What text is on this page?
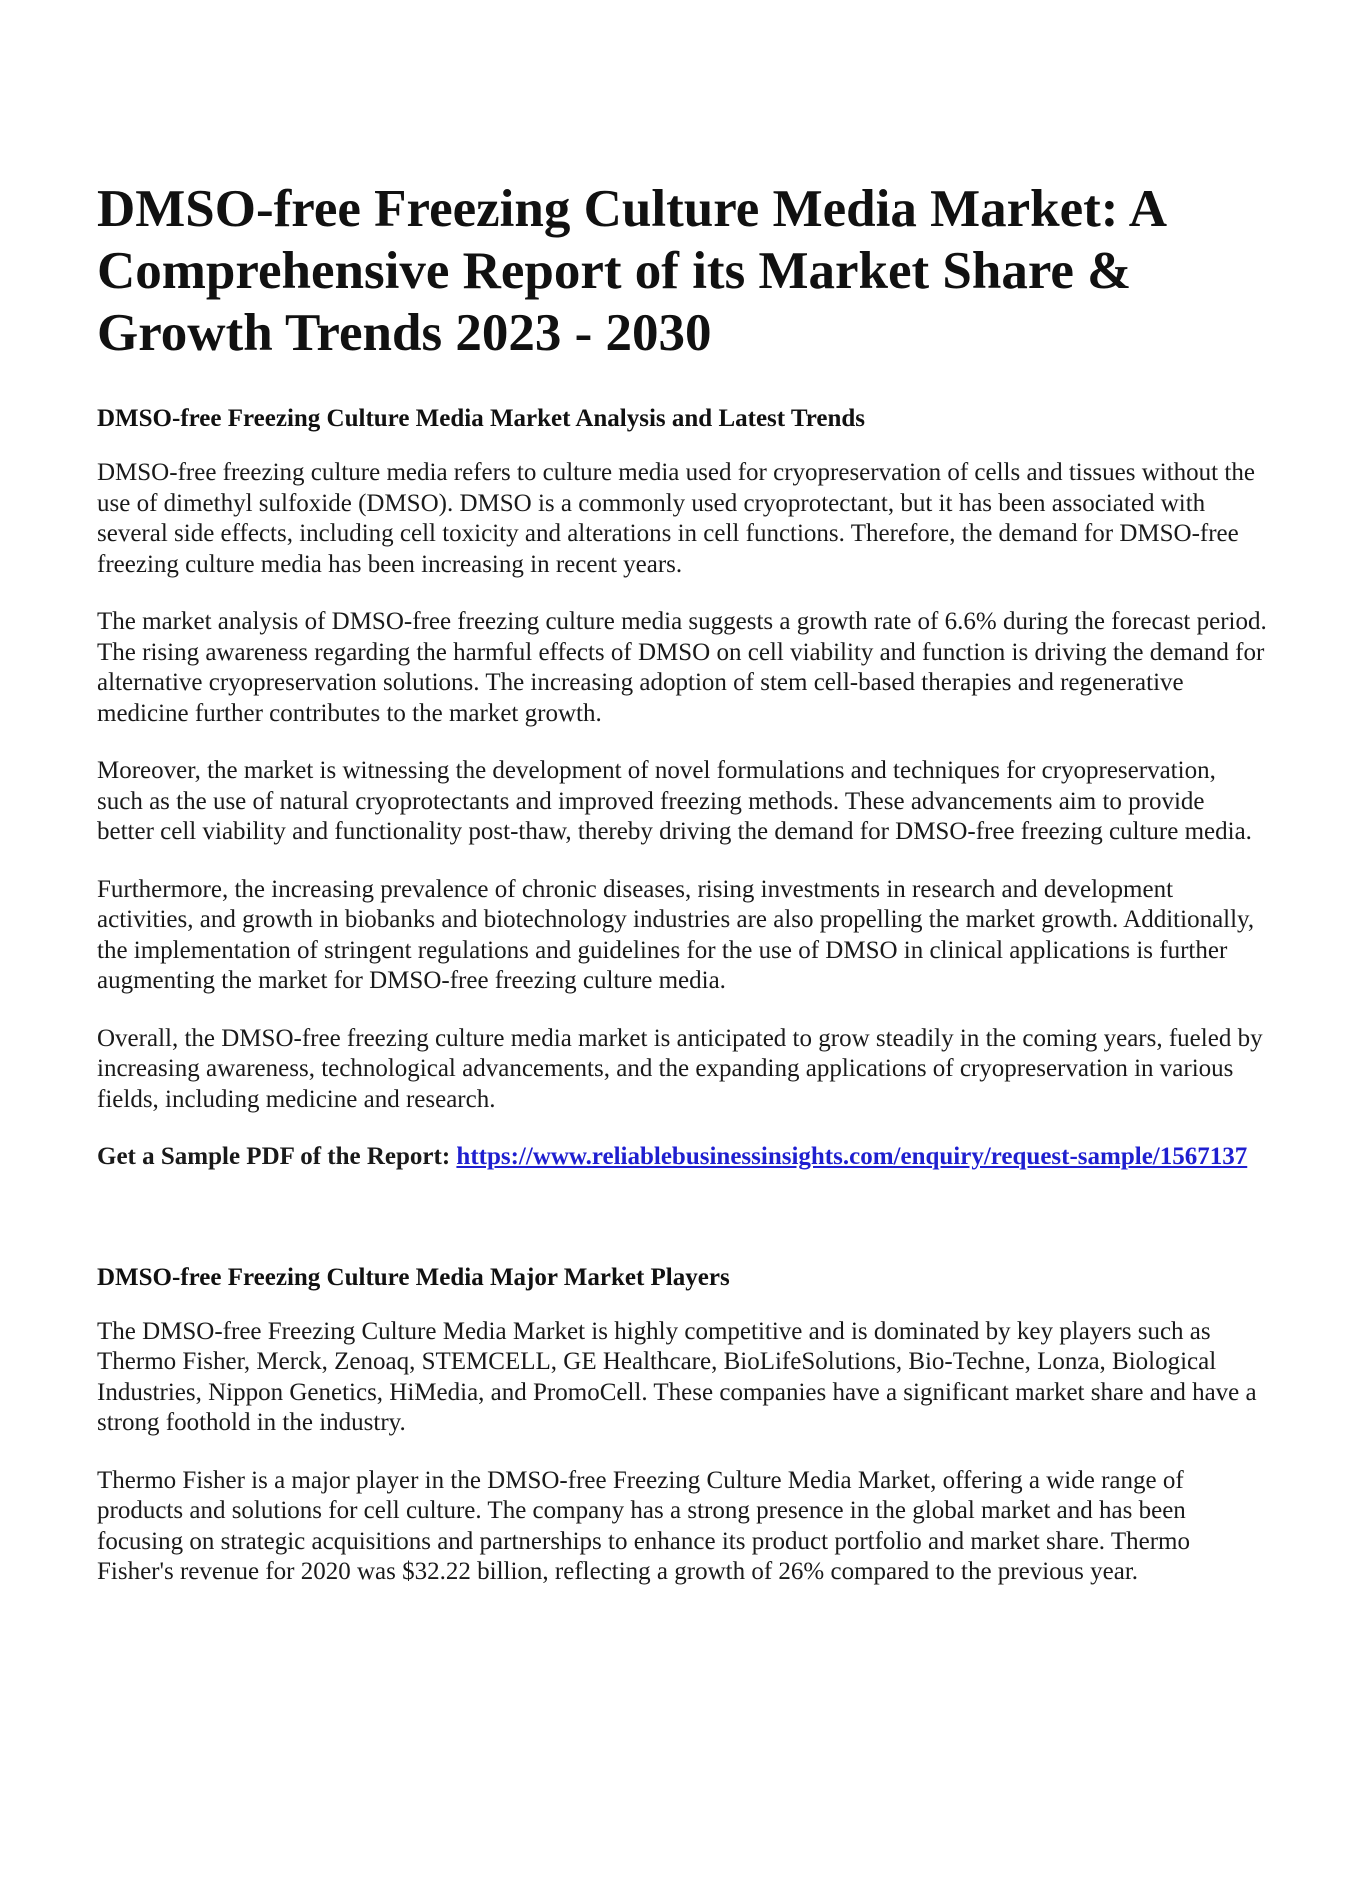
DMSO-free Freezing Culture Media Market: A Comprehensive Report of its Market Share & Growth Trends 2023 - 2030
DMSO-free Freezing Culture Media Market Analysis and Latest Trends

DMSO-free freezing culture media refers to culture media used for cryopreservation of cells and tissues without the use of dimethyl sulfoxide (DMSO). DMSO is a commonly used cryoprotectant, but it has been associated with several side effects, including cell toxicity and alterations in cell functions. Therefore, the demand for DMSO-free freezing culture media has been increasing in recent years.

The market analysis of DMSO-free freezing culture media suggests a growth rate of 6.6% during the forecast period. The rising awareness regarding the harmful effects of DMSO on cell viability and function is driving the demand for alternative cryopreservation solutions. The increasing adoption of stem cell-based therapies and regenerative medicine further contributes to the market growth.

Moreover, the market is witnessing the development of novel formulations and techniques for cryopreservation, such as the use of natural cryoprotectants and improved freezing methods. These advancements aim to provide better cell viability and functionality post-thaw, thereby driving the demand for DMSO-free freezing culture media.

Furthermore, the increasing prevalence of chronic diseases, rising investments in research and development activities, and growth in biobanks and biotechnology industries are also propelling the market growth. Additionally, the implementation of stringent regulations and guidelines for the use of DMSO in clinical applications is further augmenting the market for DMSO-free freezing culture media.

Overall, the DMSO-free freezing culture media market is anticipated to grow steadily in the coming years, fueled by increasing awareness, technological advancements, and the expanding applications of cryopreservation in various fields, including medicine and research.

Get a Sample PDF of the Report: https://www.reliablebusinessinsights.com/enquiry/request-sample/1567137
DMSO-free Freezing Culture Media Major Market Players

The DMSO-free Freezing Culture Media Market is highly competitive and is dominated by key players such as Thermo Fisher, Merck, Zenoaq, STEMCELL, GE Healthcare, BioLifeSolutions, Bio-Techne, Lonza, Biological Industries, Nippon Genetics, HiMedia, and PromoCell. These companies have a significant market share and have a strong foothold in the industry.

Thermo Fisher is a major player in the DMSO-free Freezing Culture Media Market, offering a wide range of products and solutions for cell culture. The company has a strong presence in the global market and has been focusing on strategic acquisitions and partnerships to enhance its product portfolio and market share. Thermo Fisher's revenue for 2020 was $32.22 billion, reflecting a growth of 26% compared to the previous year.
